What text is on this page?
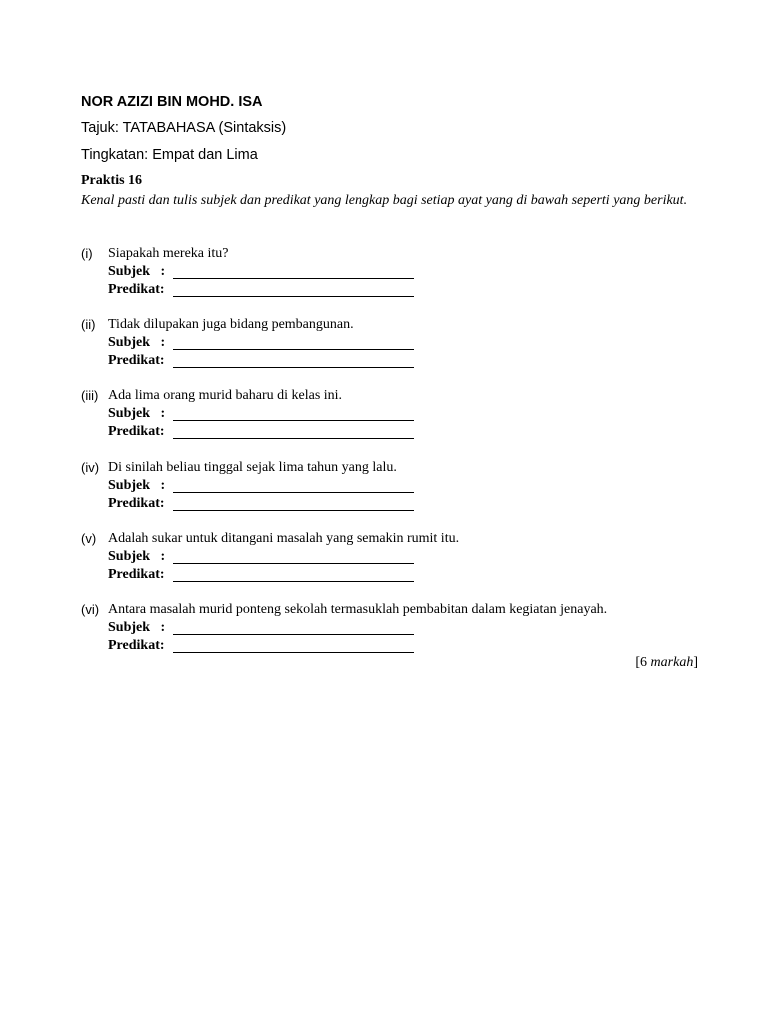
NOR AZIZI BIN MOHD. ISA
Tajuk: TATABAHASA (Sintaksis)
Tingkatan: Empat dan Lima
Praktis 16
Kenal pasti dan tulis subjek dan predikat yang lengkap bagi setiap ayat yang di bawah seperti yang berikut.
(i) Siapakah mereka itu?
Subjek   :
Predikat:
(ii) Tidak dilupakan juga bidang pembangunan.
Subjek   :
Predikat:
(iii) Ada lima orang murid baharu di kelas ini.
Subjek   :
Predikat:
(iv) Di sinilah beliau tinggal sejak lima tahun yang lalu.
Subjek   :
Predikat:
(v) Adalah sukar untuk ditangani masalah yang semakin rumit itu.
Subjek   :
Predikat:
(vi) Antara masalah murid ponteng sekolah termasuklah pembabitan dalam kegiatan jenayah.
Subjek   :
Predikat:
[6 markah]
